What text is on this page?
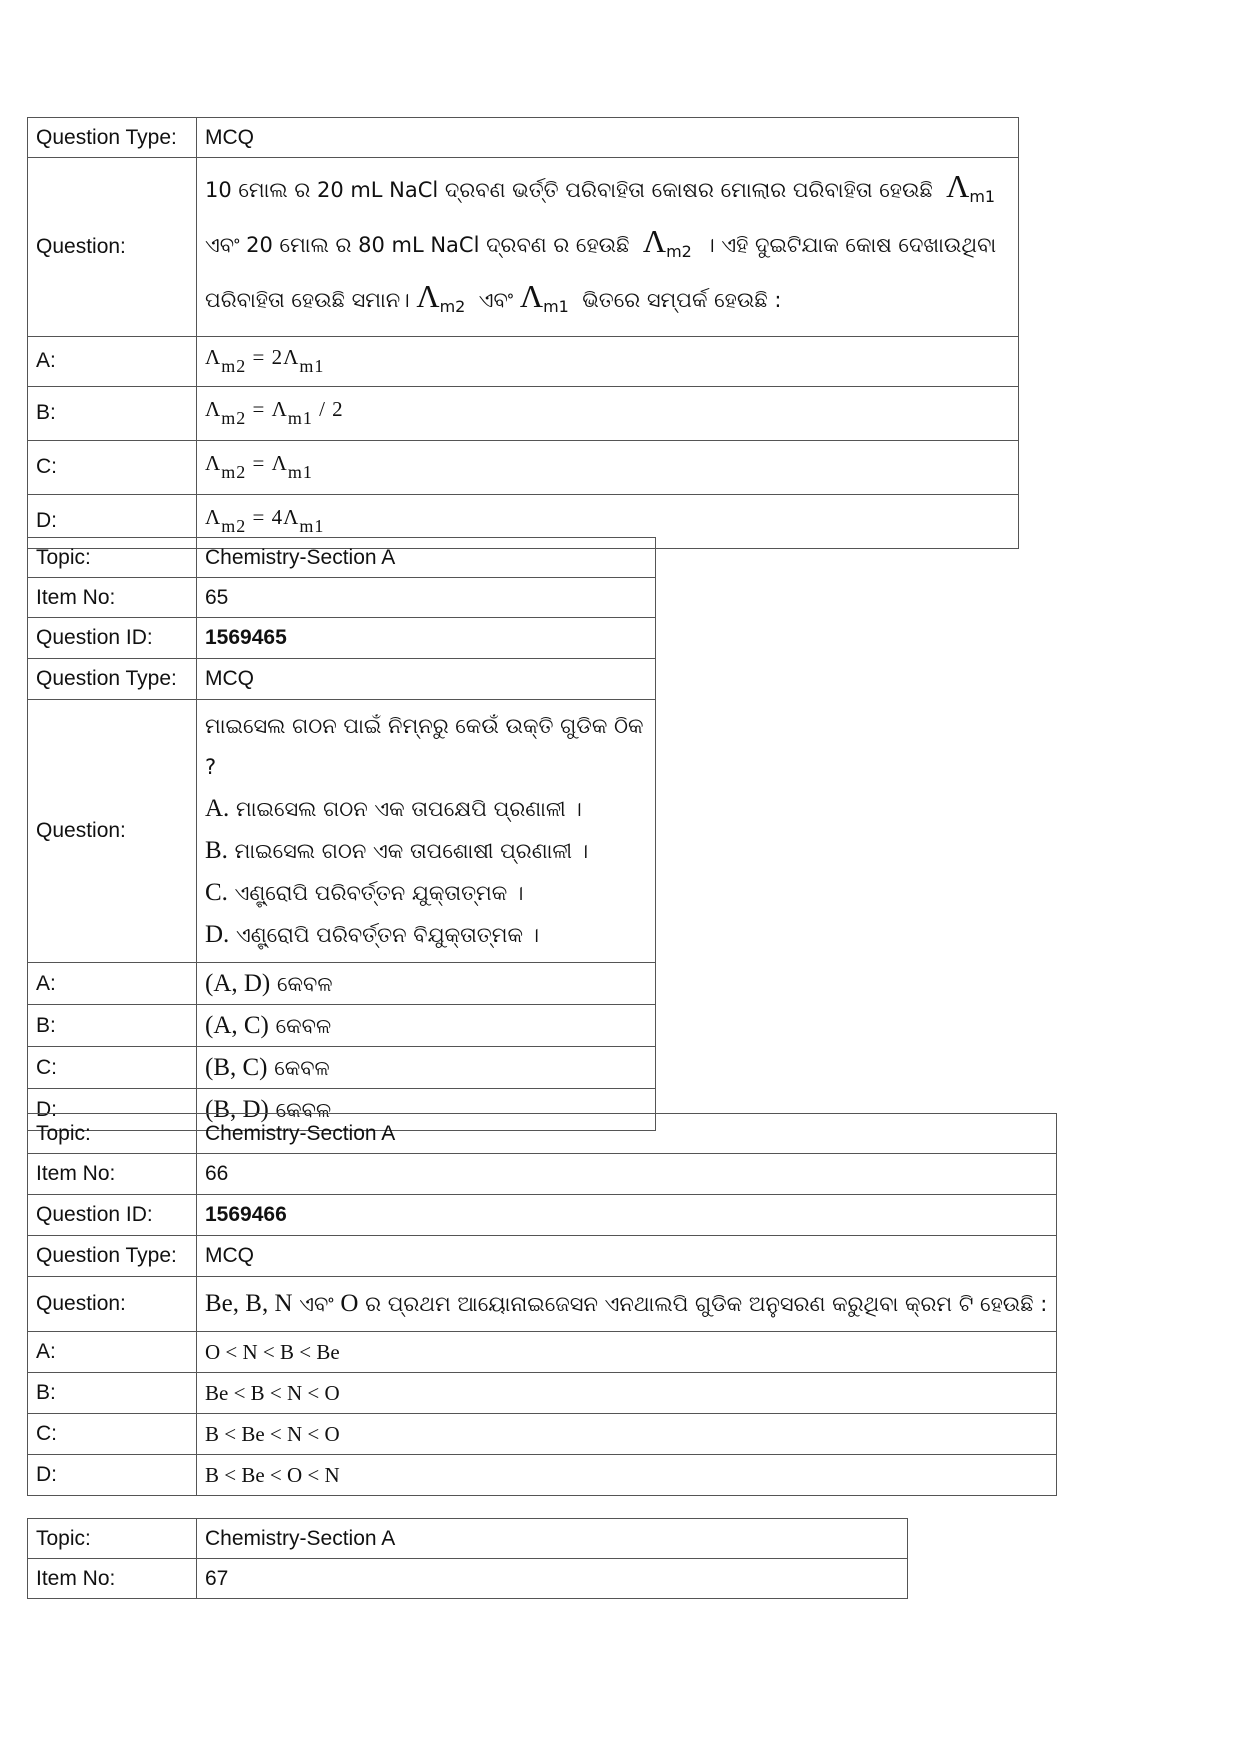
Question Type:	MCQ
Question:	10 ମୋଲ ର 20 mL NaCl ଦ୍ରବଣ ଭର୍ତ୍ତି ପରିବାହିତା କୋଷର ମୋଲାର ପରିବାହିତା ହେଉଛି $\Lambda_{m1}$
ଏବଂ 20 ମୋଲ ର 80 mL NaCl ଦ୍ରବଣ ର ହେଉଛି $\Lambda_{m2}$ । ଏହି ଦୁଇଟିଯାକ କୋଷ ଦେଖାଉଥିବା
ପରିବାହିତା ହେଉଛି ସମାନ। $\Lambda_{m2}$ ଏବଂ $\Lambda_{m1}$ ଭିତରେ ସମ୍ପର୍କ ହେଉଛି :

A:	$\Lambda_{m2} = 2\Lambda_{m1}$
B:	$\Lambda_{m2} = \Lambda_{m1} / 2$
C:	$\Lambda_{m2} = \Lambda_{m1}$
D:	$\Lambda_{m2} = 4\Lambda_{m1}$
Topic:	Chemistry-Section A
Item No:	65
Question ID:	1569465
Question Type:	MCQ
Question:	ମାଇସେଲ ଗଠନ ପାଇଁ ନିମ୍ନରୁ କେଉଁ ଉକ୍ତି ଗୁଡିକ ଠିକ ?
A. ମାଇସେଲ ଗଠନ ଏକ ତାପକ୍ଷେପି ପ୍ରଣାଳୀ ।
B. ମାଇସେଲ ଗଠନ ଏକ ତାପଶୋଷୀ ପ୍ରଣାଳୀ ।
C. ଏଣ୍ଟ୍ରୋପି ପରିବର୍ତ୍ତନ ଯୁକ୍ତାତ୍ମକ ।
D. ଏଣ୍ଟ୍ରୋପି ପରିବର୍ତ୍ତନ ବିଯୁକ୍ତାତ୍ମକ ।

A:	(A, D) କେବଳ
B:	(A, C) କେବଳ
C:	(B, C) କେବଳ
D:	(B, D) କେବଳ
Topic:	Chemistry-Section A
Item No:	66
Question ID:	1569466
Question Type:	MCQ
Question:	Be, B, N ଏବଂ O ର ପ୍ରଥମ ଆୟୋନାଇଜେସନ ଏନଥାଲପି ଗୁଡିକ ଅନୁସରଣ କରୁଥିବା କ୍ରମ ଟି ହେଉଛି :
A:	O < N < B < Be
B:	Be < B < N < O
C:	B < Be < N < O
D:	B < Be < O < N
Topic:	Chemistry-Section A
Item No:	67
